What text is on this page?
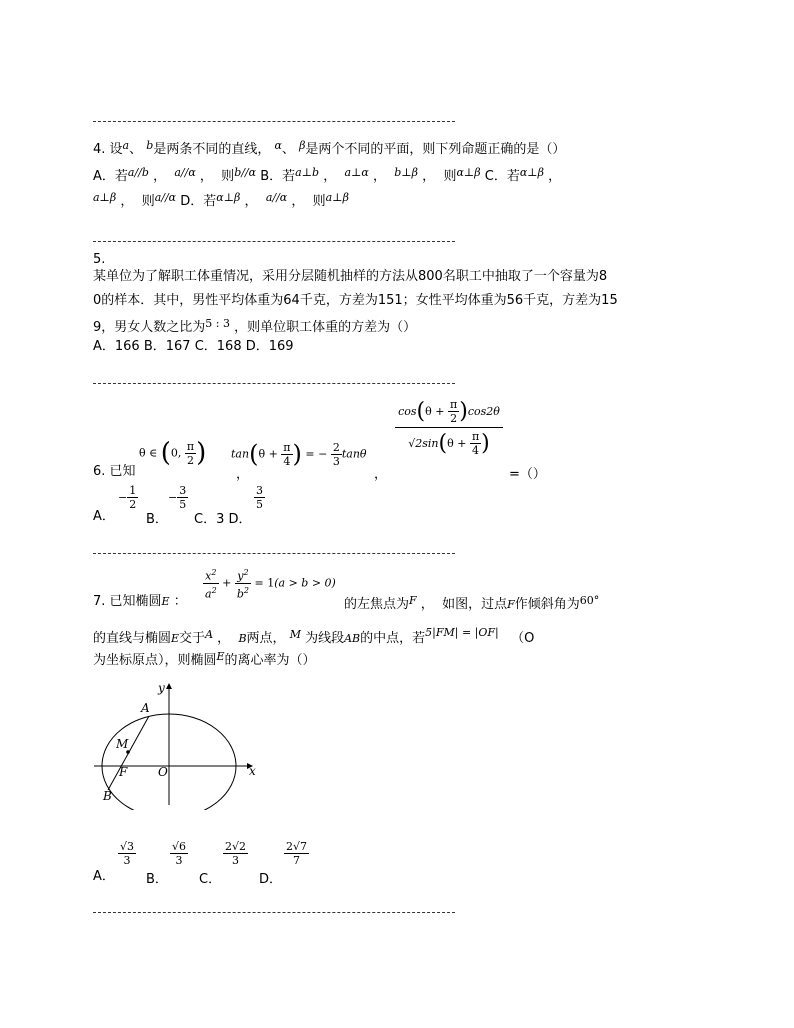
4. 设$^a$、 $^b$是两条不同的直线， $^\alpha$、 $^\beta$是两个不同的平面，则下列命题正确的是（）
A．若$^{a//b}$ ， $^{a//\alpha}$ ， 则$^{b//\alpha}$ B．若$^{a\perp b}$ ， $^{a\perp\alpha}$ ， $^{b\perp\beta}$ ， 则$^{\alpha\perp\beta}$ C．若$^{\alpha\perp\beta}$ ，
$^{a\perp\beta}$ ， 则$^{a//\alpha}$ D．若$^{\alpha\perp\beta}$ ， $^{a//\alpha}$ ， 则$^{a\perp\beta}$
5.
某单位为了解职工体重情况，采用分层随机抽样的方法从800名职工中抽取了一个容量为8
0的样本．其中，男性平均体重为64千克，方差为151；女性平均体重为56千克，方差为15
9，男女人数之比为$^{5 : 3}$ ，则单位职工体重的方差为（）
A．166 B．167 C．168 D．169
6. 已知
θ ∈ (0, $\frac{\pi}{2}$ )
，
$\tan(\theta + \frac{\pi}{4}$ ) = − $\frac{2}{3}$ tanθ
，
$\cos(\theta + \frac{\pi}{2} )\cos 2\theta$
$√2\sin(\theta + \frac{\pi}{4}$ )
=（）
A．
− $\frac{1}{2}$
B．
− $\frac{3}{5}$
C．3 D．
$\frac{3}{5}$
7. 已知椭圆E ：
$\frac{x^2}{a^2} + \frac{y^2}{b^2} = 1(a > b > 0)$
的左焦点为$^F$ ， 如图，过点F作倾斜角为$^{60^\circ}$
的直线与椭圆E交于$^A$ ， B两点， $^M$ 为线段AB的中点，若$^{5|FM| = |OF|}$ （O
为坐标原点），则椭圆$^E$的离心率为（）
y
x
A
M
F	O
B
A．
$\frac{√3}{3}$
B．
$\frac{√6}{3}$
C．
$\frac{2√2}{3}$
D．
$\frac{2√7}{7}$
